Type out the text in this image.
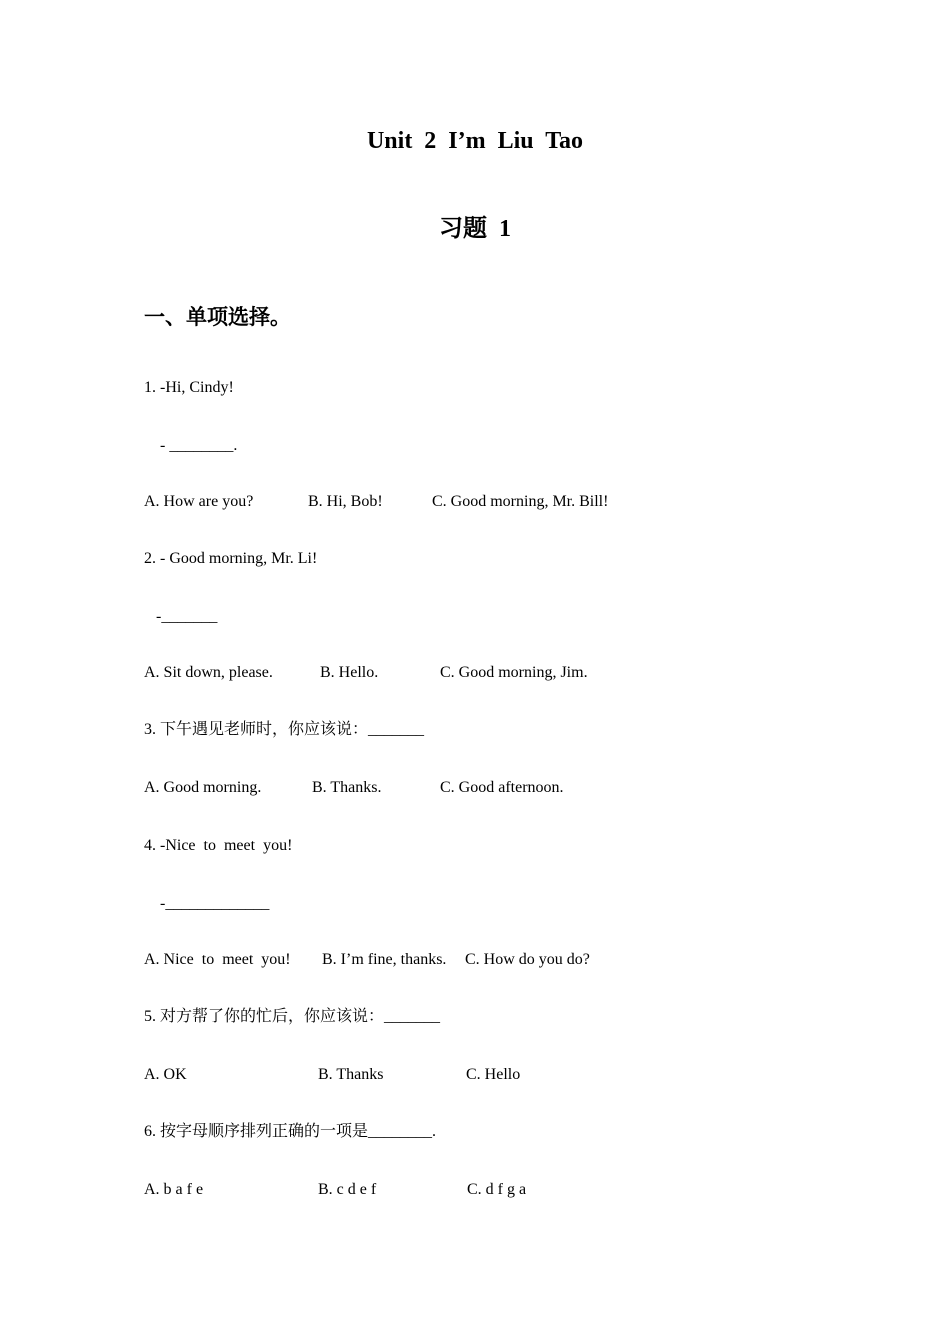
Unit  2  I’m  Liu  Tao
习题  1
一、单项选择。
1. -Hi, Cindy!
- ________.
A. How are you?	B. Hi, Bob!	C. Good morning, Mr. Bill!
2. - Good morning, Mr. Li!
-_______
A. Sit down, please.	B. Hello.	C. Good morning, Jim.
3. 下午遇见老师时，你应该说：_______
A. Good morning.	B. Thanks.	C. Good afternoon.
4. -Nice  to  meet  you!
-_____________
A. Nice  to  meet  you! B. I’m fine, thanks. C. How do you do?
5. 对方帮了你的忙后，你应该说：_______
A. OK	B. Thanks	C. Hello
6. 按字母顺序排列正确的一项是________.
A. b a f e	B. c d e f	C. d f g a
